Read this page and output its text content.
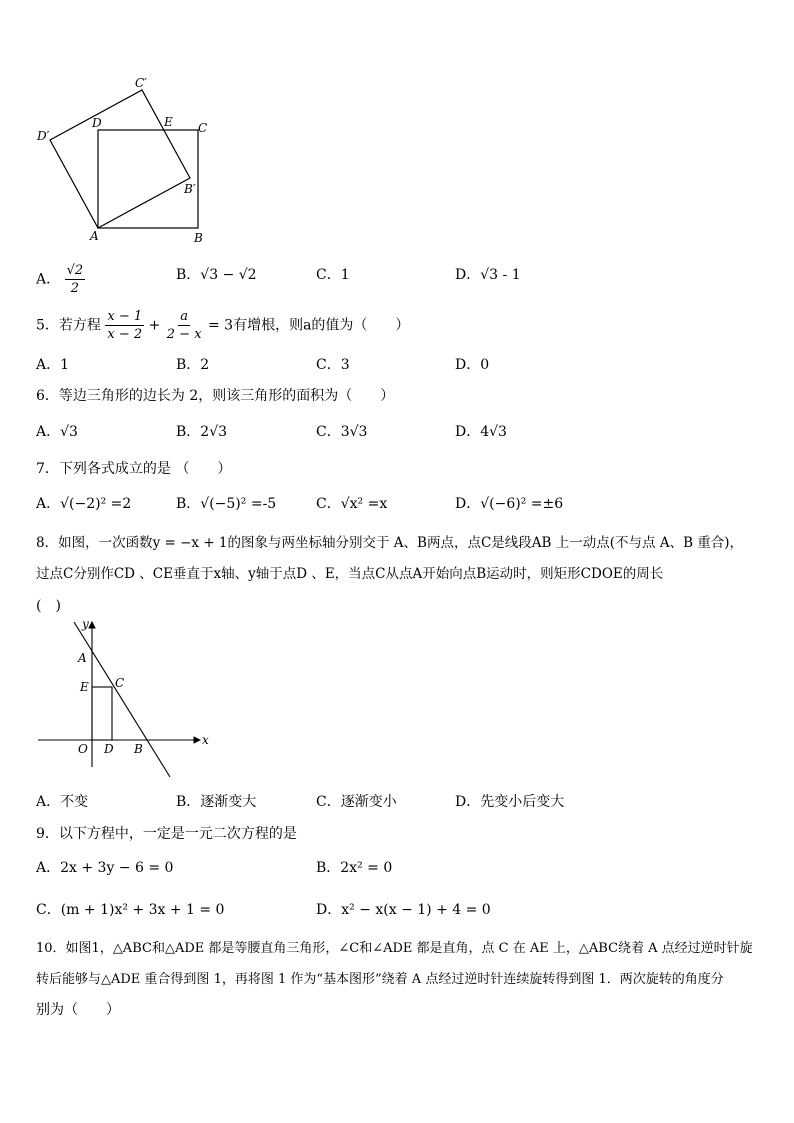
C′
D′
D	E C
B′
A	B
A． $\frac{√2}{2}$	B．√3 − √2	C．1	D．√3 - 1
5．若方程 $\frac{x - 1}{x - 2} + \frac{a}{2 - x} = 3$有增根，则a的值为（　　）
A．1	B．2	C．3	D．0
6．等边三角形的边长为 2，则该三角形的面积为（　　）
A．√3	B．2√3	C．3√3	D．4√3
7．下列各式成立的是 （　　）
A．√(−2)² =2	B．√(−5)² =-5	C．√x² =x	D．√(−6)² =±6
8．如图，一次函数y = −x + 1的图象与两坐标轴分别交于 A、B两点，点C是线段AB 上一动点(不与点 A、B 重合)，
过点C分别作CD 、CE垂直于x轴、y轴于点D 、E，当点C从点A开始向点B运动时，则矩形CDOE的周长
(　)
y
A
E C
O D B
x
A．不变	B．逐渐变大	C．逐渐变小	D．先变小后变大
9．以下方程中，一定是一元二次方程的是
A．2x + 3y − 6 = 0	B．2x² = 0
C．(m + 1)x² + 3x + 1 = 0	D．x² − x(x − 1) + 4 = 0
10．如图1，△ABC和△ADE 都是等腰直角三角形，∠C和∠ADE 都是直角，点 C 在 AE 上，△ABC绕着 A 点经过逆时针旋
转后能够与△ADE 重合得到图 1，再将图 1 作为“基本图形”绕着 A 点经过逆时针连续旋转得到图 1．两次旋转的角度分
别为（　　）
